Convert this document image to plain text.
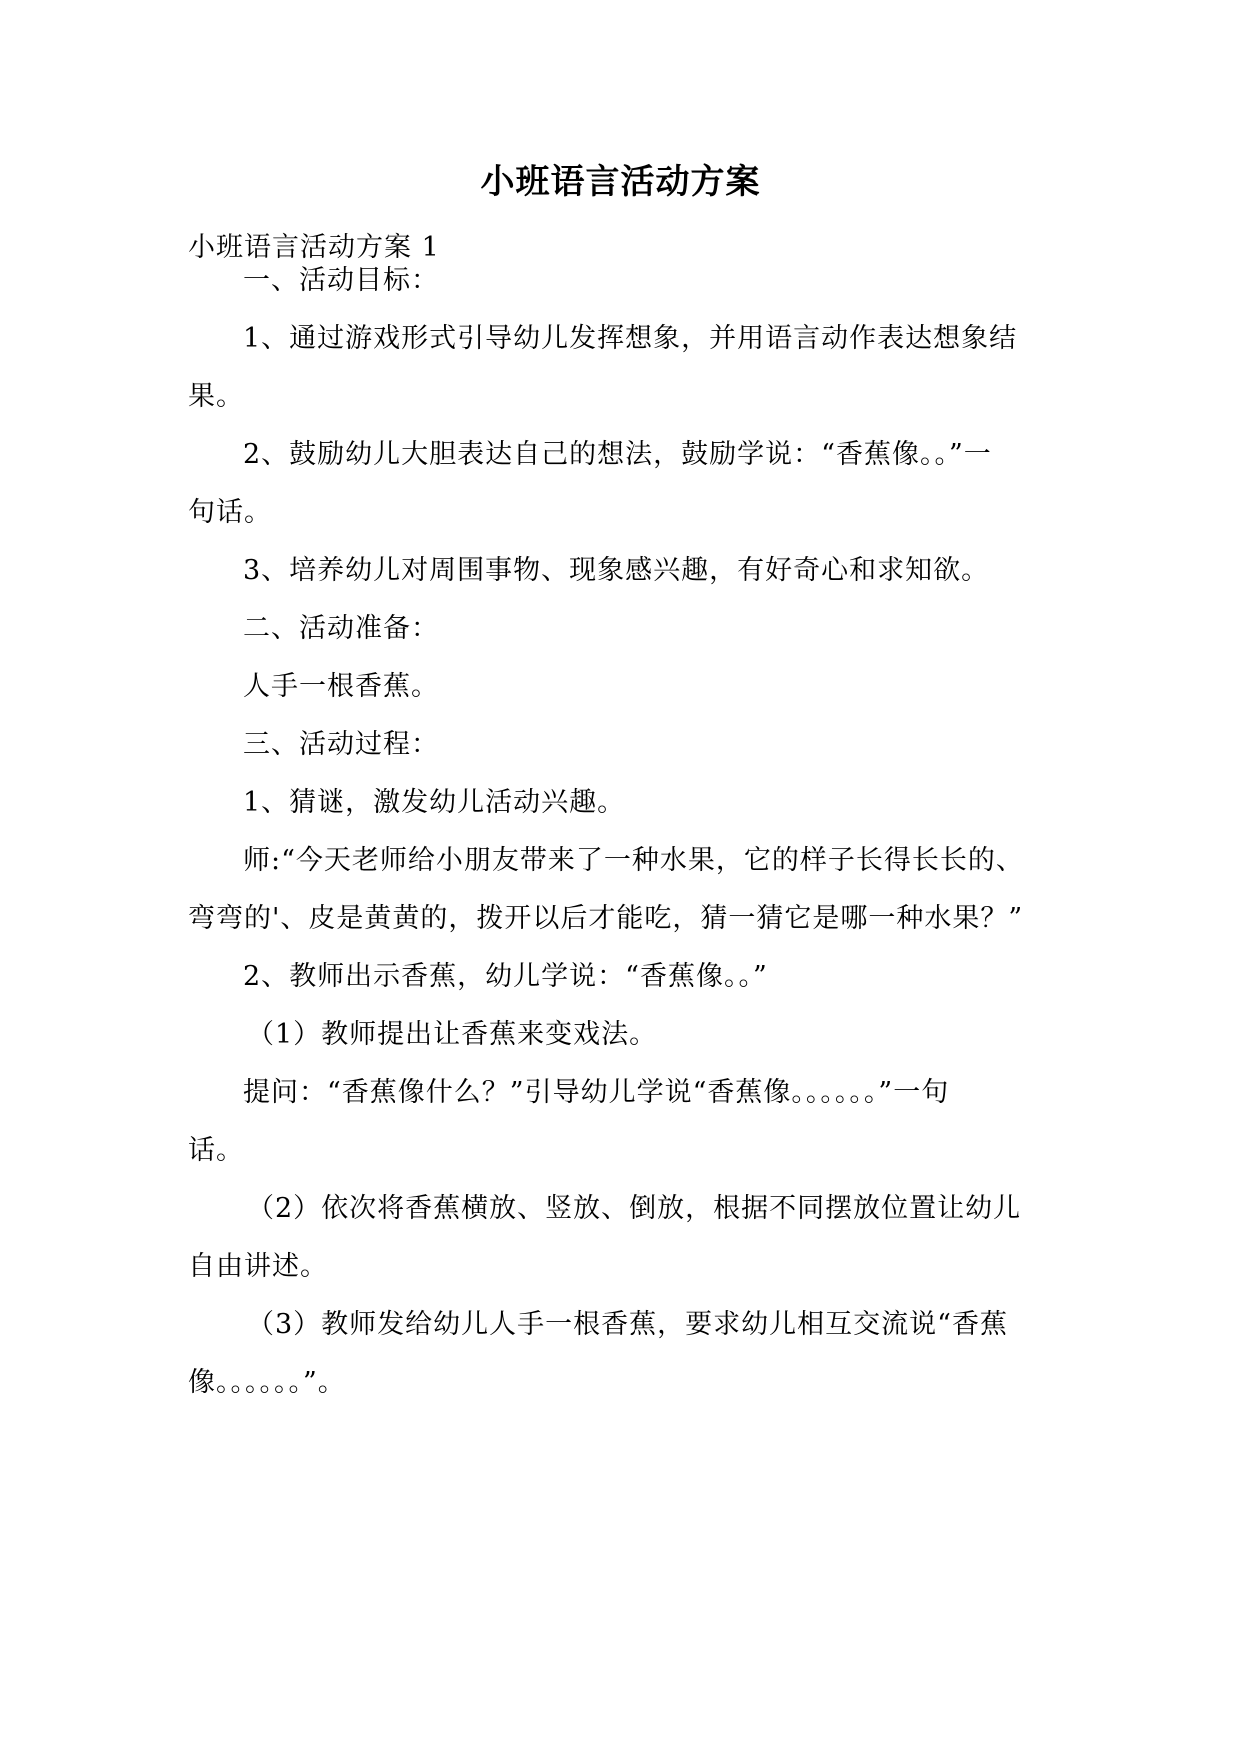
小班语言活动方案
小班语言活动方案 1
一、活动目标：
1、通过游戏形式引导幼儿发挥想象，并用语言动作表达想象结
果。
2、鼓励幼儿大胆表达自己的想法，鼓励学说：“香蕉像。。”一
句话。
3、培养幼儿对周围事物、现象感兴趣，有好奇心和求知欲。
二、活动准备：
人手一根香蕉。
三、活动过程：
1、猜谜，激发幼儿活动兴趣。
师:“今天老师给小朋友带来了一种水果，它的样子长得长长的、
弯弯的'、皮是黄黄的，拨开以后才能吃，猜一猜它是哪一种水果？”
2、教师出示香蕉，幼儿学说：“香蕉像。。”
（1）教师提出让香蕉来变戏法。
提问：“香蕉像什么？”引导幼儿学说“香蕉像。。。。。。”一句
话。
（2）依次将香蕉横放、竖放、倒放，根据不同摆放位置让幼儿
自由讲述。
（3）教师发给幼儿人手一根香蕉，要求幼儿相互交流说“香蕉
像。。。。。。”。
